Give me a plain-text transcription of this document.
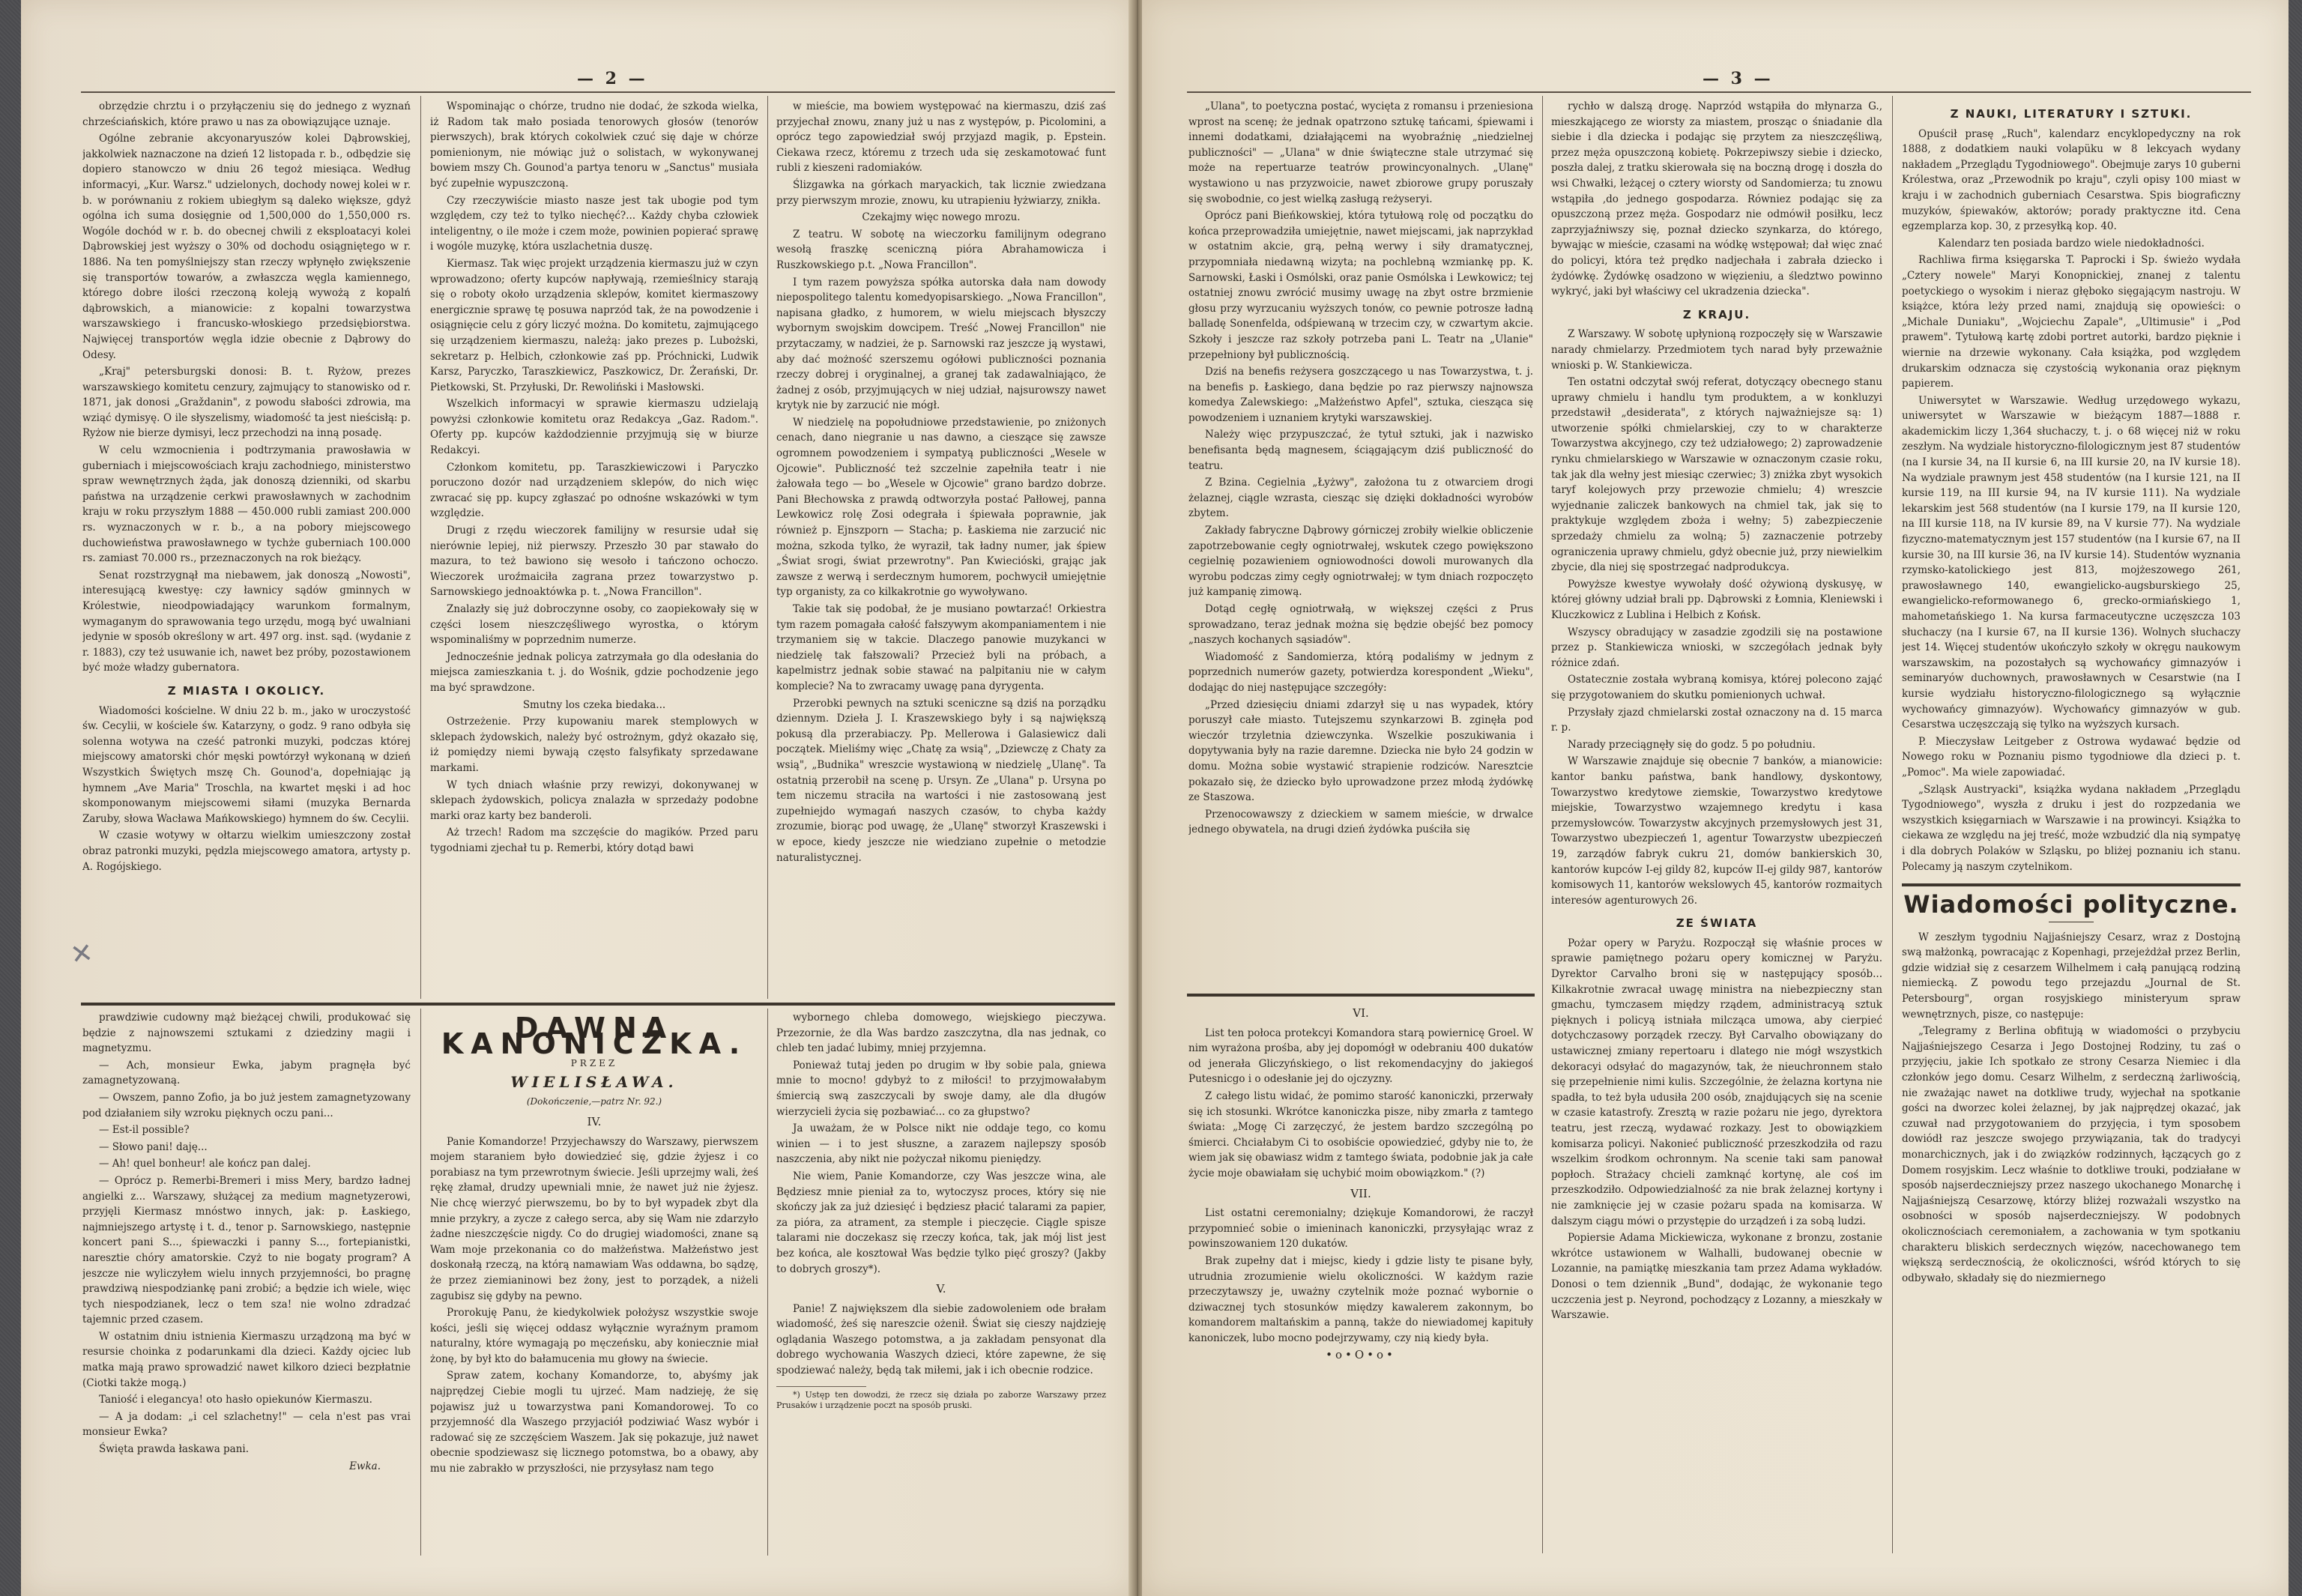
— 2 —

obrzędzie chrztu i o przyłączeniu się do jednego z wyznań chrześciańskich, które prawo u nas za obowiązujące uznaje.

Ogólne zebranie akcyonaryuszów kolei Dąbrowskiej, jakkolwiek naznaczone na dzień 12 listopada r. b., odbędzie się dopiero stanowczo w dniu 26 tegoż miesiąca. Według informacyi, „Kur. Warsz." udzielonych, dochody nowej kolei w r. b. w porównaniu z rokiem ubiegłym są daleko większe, gdyż ogólna ich suma dosięgnie od 1,500,000 do 1,550,000 rs. Wogóle dochód w r. b. do obecnej chwili z eksploatacyi kolei Dąbrowskiej jest wyższy o 30% od dochodu osiągniętego w r. 1886. Na ten pomyślniejszy stan rzeczy wpłynęło zwiększenie się transportów towarów, a zwłaszcza węgla kamiennego, którego dobre ilości rzeczoną koleją wywożą z kopalń dąbrowskich, a mianowicie: z kopalni towarzystwa warszawskiego i francusko-włoskiego przedsiębiorstwa. Najwięcej transportów węgla idzie obecnie z Dąbrowy do Odesy.

„Kraj" petersburgski donosi: B. t. Ryżow, prezes warszawskiego komitetu cenzury, zajmujący to stanowisko od r. 1871, jak donosi „Graždanin", z powodu słabości zdrowia, ma wziąć dymisyę. O ile słyszelismy, wiadomość ta jest nieścisłą: p. Ryżow nie bierze dymisyi, lecz przechodzi na inną posadę.

W celu wzmocnienia i podtrzymania prawosławia w guberniach i miejscowościach kraju zachodniego, ministerstwo spraw wewnętrznych żąda, jak donoszą dzienniki, od skarbu państwa na urządzenie cerkwi prawosławnych w zachodnim kraju w roku przyszłym 1888 — 450.000 rubli zamiast 200.000 rs. wyznaczonych w r. b., a na pobory miejscowego duchowieństwa prawosławnego w tychże guberniach 100.000 rs. zamiast 70.000 rs., przeznaczonych na rok bieżący.

Senat rozstrzygnął ma niebawem, jak donoszą „Nowosti", interesującą kwestyę: czy ławnicy sądów gminnych w Królestwie, nieodpowiadający warunkom formalnym, wymaganym do sprawowania tego urzędu, mogą być uwalniani jedynie w sposób określony w art. 497 org. inst. sąd. (wydanie z r. 1883), czy też usuwanie ich, nawet bez próby, pozostawionem być może władzy gubernatora.

Z MIASTA I OKOLICY.

Wiadomości kościelne. W dniu 22 b. m., jako w uroczystość św. Cecylii, w kościele św. Katarzyny, o godz. 9 rano odbyła się solenna wotywa na cześć patronki muzyki, podczas której miejscowy amatorski chór męski powtórzył wykonaną w dzień Wszystkich Świętych mszę Ch. Gounod'a, dopełniając ją hymnem „Ave Maria" Troschla, na kwartet męski i ad hoc skomponowanym miejscowemi siłami (muzyka Bernarda Zaruby, słowa Wacława Mańkowskiego) hymnem do św. Cecylii.

W czasie wotywy w ołtarzu wielkim umieszczony został obraz patronki muzyki, pędzla miejscowego amatora, artysty p. A. Rogójskiego.

Wspominając o chórze, trudno nie dodać, że szkoda wielka, iż Radom tak mało posiada tenorowych głosów (tenorów pierwszych), brak których cokolwiek czuć się daje w chórze pomienionym, nie mówiąc już o solistach, w wykonywanej bowiem mszy Ch. Gounod'a partya tenoru w „Sanctus" musiała być zupełnie wypuszczoną.

Czy rzeczywiście miasto nasze jest tak ubogie pod tym względem, czy też to tylko niechęć?... Każdy chyba człowiek inteligentny, o ile może i czem może, powinien popierać sprawę i wogóle muzykę, która uszlachetnia duszę.

Kiermasz. Tak więc projekt urządzenia kiermaszu już w czyn wprowadzono; oferty kupców napływają, rzemieślnicy starają się o roboty około urządzenia sklepów, komitet kiermaszowy energicznie sprawę tę posuwa naprzód tak, że na powodzenie i osiągnięcie celu z góry liczyć można. Do komitetu, zajmującego się urządzeniem kiermaszu, należą: jako prezes p. Lubożski, sekretarz p. Helbich, członkowie zaś pp. Próchnicki, Ludwik Karsz, Paryczko, Taraszkiewicz, Paszkowicz, Dr. Żerański, Dr. Pietkowski, St. Przyłuski, Dr. Rewoliński i Masłowski.

Wszelkich informacyi w sprawie kiermaszu udzielają powyżsi członkowie komitetu oraz Redakcya „Gaz. Radom.". Oferty pp. kupców każdodziennie przyjmują się w biurze Redakcyi.

Członkom komitetu, pp. Taraszkiewiczowi i Paryczko poruczono dozór nad urządzeniem sklepów, do nich więc zwracać się pp. kupcy zgłaszać po odnośne wskazówki w tym względzie.

Drugi z rzędu wieczorek familijny w resursie udał się nierównie lepiej, niż pierwszy. Przeszło 30 par stawało do mazura, to też bawiono się wesoło i tańczono ochoczo. Wieczorek uroźmaiciła zagrana przez towarzystwo p. Sarnowskiego jednoaktówka p. t. „Nowa Francillon".

Znalazły się już dobroczynne osoby, co zaopiekowały się w części losem nieszczęśliwego wyrostka, o którym wspominaliśmy w poprzednim numerze.

Jednocześnie jednak policya zatrzymała go dla odesłania do miejsca zamieszkania t. j. do Wośnik, gdzie pochodzenie jego ma być sprawdzone.

Smutny los czeka biedaka...

Ostrzeżenie. Przy kupowaniu marek stemplowych w sklepach żydowskich, należy być ostrożnym, gdyż okazało się, iż pomiędzy niemi bywają często falsyfikaty sprzedawane markami.

W tych dniach właśnie przy rewizyi, dokonywanej w sklepach żydowskich, policya znalazła w sprzedaży podobne marki oraz karty bez banderoli.

Aż trzech! Radom ma szczęście do magików. Przed paru tygodniami zjechał tu p. Remerbi, który dotąd bawi

w mieście, ma bowiem występować na kiermaszu, dziś zaś przyjechał znowu, znany już u nas z występów, p. Picolomini, a oprócz tego zapowiedział swój przyjazd magik, p. Epstein. Ciekawa rzecz, któremu z trzech uda się zeskamotować funt rubli z kieszeni radomiaków.

Ślizgawka na górkach maryackich, tak licznie zwiedzana przy pierwszym mrozie, znowu, ku utrapieniu łyżwiarzy, znikła.

Czekajmy więc nowego mrozu.

Z teatru. W sobotę na wieczorku familijnym odegrano wesołą fraszkę sceniczną pióra Abrahamowicza i Ruszkowskiego p.t. „Nowa Francillon".

I tym razem powyższa spółka autorska dała nam dowody niepospolitego talentu komedyopisarskiego. „Nowa Francillon", napisana gładko, z humorem, w wielu miejscach błyszczy wybornym swojskim dowcipem. Treść „Nowej Francillon" nie przytaczamy, w nadziei, że p. Sarnowski raz jeszcze ją wystawi, aby dać możność szerszemu ogółowi publiczności poznania rzeczy dobrej i oryginalnej, a granej tak zadawalniająco, że żadnej z osób, przyjmujących w niej udział, najsurowszy nawet krytyk nie by zarzucić nie mógł.

W niedzielę na popołudniowe przedstawienie, po zniżonych cenach, dano niegranie u nas dawno, a cieszące się zawsze ogromnem powodzeniem i sympatyą publiczności „Wesele w Ojcowie". Publiczność też szczelnie zapełniła teatr i nie żałowała tego — bo „Wesele w Ojcowie" grano bardzo dobrze. Pani Błechowska z prawdą odtworzyła postać Pałłowej, panna Lewkowicz rolę Zosi odegrała i śpiewała poprawnie, jak również p. Ejnszporn — Stacha; p. Łaskiema nie zarzucić nic można, szkoda tylko, że wyraził, tak ładny numer, jak śpiew „Świat srogi, świat przewrotny". Pan Kwiecióski, grając jak zawsze z werwą i serdecznym humorem, pochwycił umiejętnie typ organisty, za co kilkakrotnie go wywoływano.

Takie tak się podobał, że je musiano powtarzać! Orkiestra tym razem pomagała całość fałszywym akompaniamentem i nie trzymaniem się w takcie. Dlaczego panowie muzykanci w niedzielę tak fałszowali? Przecież byli na próbach, a kapelmistrz jednak sobie stawać na palpitaniu nie w całym komplecie? Na to zwracamy uwagę pana dyrygenta.

Przerobki pewnych na sztuki sceniczne są dziś na porządku dziennym. Dzieła J. I. Kraszewskiego były i są największą pokusą dla przerabiaczy. Pp. Mellerowa i Galasiewicz dali początek. Mieliśmy więc „Chatę za wsią", „Dziewczę z Chaty za wsią", „Budnika" wreszcie wystawioną w niedzielę „Ulanę". Ta ostatnią przerobił na scenę p. Ursyn. Ze „Ulana" p. Ursyna po tem niczemu straciła na wartości i nie zastosowaną jest zupełniejdo wymagań naszych czasów, to chyba każdy zrozumie, biorąc pod uwagę, że „Ulanę" stworzył Kraszewski i w epoce, kiedy jeszcze nie wiedziano zupełnie o metodzie naturalistycznej.

prawdziwie cudowny mąż bieżącej chwili, produkować się będzie z najnowszemi sztukami z dziedziny magii i magnetyzmu.

— Ach, monsieur Ewka, jabym pragnęła być zamagnetyzowaną.

— Owszem, panno Zofio, ja bo już jestem zamagnetyzowany pod działaniem siły wzroku pięknych oczu pani...

— Est-il possible?

— Słowo pani! daję...

— Ah! quel bonheur! ale kończ pan dalej.

— Oprócz p. Remerbi-Bremeri i miss Mery, bardzo ładnej angielki z... Warszawy, służącej za medium magnetyzerowi, przyjęli Kiermasz mnóstwo innych, jak: p. Łaskiego, najmniejszego artystę i t. d., tenor p. Sarnowskiego, następnie koncert pani S..., śpiewaczki i panny S..., fortepianistki, naresztie chóry amatorskie. Czyż to nie bogaty program? A jeszcze nie wyliczyłem wielu innych przyjemności, bo pragnę prawdziwą niespodziankę pani zrobić; a będzie ich wiele, więc tych niespodzianek, lecz o tem sza! nie wolno zdradzać tajemnic przed czasem.

W ostatnim dniu istnienia Kiermaszu urządzoną ma być w resursie choinka z podarunkami dla dzieci. Każdy ojciec lub matka mają prawo sprowadzić nawet kilkoro dzieci bezpłatnie (Ciotki także mogą.)

Taniość i elegancya! oto hasło opiekunów Kiermaszu.

— A ja dodam: „i cel szlachetny!" — cela n'est pas vrai monsieur Ewka?

Święta prawda łaskawa pani.

Ewka.
DAWNA KANONICZKA.
PRZEZ
WIELISŁAWA.
(Dokończenie,—patrz Nr. 92.)
IV.

Panie Komandorze! Przyjechawszy do Warszawy, pierwszem mojem staraniem było dowiedzieć się, gdzie żyjesz i co porabiasz na tym przewrotnym świecie. Jeśli uprzejmy wali, żeś rękę złamał, drudzy upewniali mnie, że nawet już nie żyjesz. Nie chcę wierzyć pierwszemu, bo by to był wypadek zbyt dla mnie przykry, a zycze z całego serca, aby się Wam nie zdarzyło żadne nieszczęście nigdy. Co do drugiej wiadomości, znane są Wam moje przekonania co do małżeństwa. Małżeństwo jest doskonałą rzeczą, na którą namawiam Was oddawna, bo sądzę, że przez ziemianinowi bez żony, jest to porządek, a niżeli zagubisz się gdyby na pewno.

Prorokuję Panu, że kiedykolwiek położysz wszystkie swoje kości, jeśli się więcej oddasz wyłącznie wyraźnym pramom naturalny, które wymagają po męczeńsku, aby koniecznie miał żonę, by był kto do bałamucenia mu głowy na świecie.

Spraw zatem, kochany Komandorze, to, abyśmy jak najprędzej Ciebie mogli tu ujrzeć. Mam nadzieję, że się pojawisz już u towarzystwa pani Komandorowej. To co przyjemność dla Waszego przyjaciół podziwiać Wasz wybór i radować się ze szczęściem Waszem. Jak się pokazuje, już nawet obecnie spodziewasz się licznego potomstwa, bo a obawy, aby mu nie zabrakło w przyszłości, nie przysyłasz nam tego

wybornego chleba domowego, wiejskiego pieczywa. Przezornie, że dla Was bardzo zaszczytna, dla nas jednak, co chleb ten jadać lubimy, mniej przyjemna.

Ponieważ tutaj jeden po drugim w łby sobie pala, gniewa mnie to mocno! gdybyż to z miłości! to przyjmowałabym śmiercią swą zaszczycali by swoje damy, ale dla długów wierzycieli życia się pozbawiać... co za głupstwo?

Ja uważam, że w Polsce nikt nie oddaje tego, co komu winien — i to jest słuszne, a zarazem najlepszy sposób naszczenia, aby nikt nie pożyczał nikomu pieniędzy.

Nie wiem, Panie Komandorze, czy Was jeszcze wina, ale Będziesz mnie pieniał za to, wytoczysz proces, który się nie skończy jak za już dziesięć i będziesz płacić talarami za papier, za pióra, za atrament, za stemple i pieczęcie. Ciągle spisze talarami nie doczekasz się rzeczy końca, tak, jak mój list jest bez końca, ale kosztował Was będzie tylko pięć groszy? (Jakby to dobrych groszy*).

V.

Panie! Z największem dla siebie zadowoleniem ode brałam wiadomość, żeś się nareszcie ożenił. Świat się cieszy najdzieję oglądania Waszego potomstwa, a ja zakładam pensyonat dla dobrego wychowania Waszych dzieci, które zapewne, że się spodziewać należy, będą tak miłemi, jak i ich obecnie rodzice.

*) Ustęp ten dowodzi, że rzecz się działa po zaborze Warszawy przez Prusaków i urządzenie poczt na sposób pruski.

✕
— 3 —

„Ulana", to poetyczna postać, wycięta z romansu i przeniesiona wprost na scenę; że jednak opatrzono sztukę tańcami, śpiewami i innemi dodatkami, działającemi na wyobraźnię „niedzielnej publiczności" — „Ulana" w dnie świąteczne stale utrzymać się może na repertuarze teatrów prowincyonalnych. „Ulanę" wystawiono u nas przyzwoicie, nawet zbiorowe grupy poruszały się swobodnie, co jest wielką zasługą reżyseryi.

Oprócz pani Bieńkowskiej, która tytułową rolę od początku do końca przeprowadziła umiejętnie, nawet miejscami, jak naprzykład w ostatnim akcie, grą, pełną werwy i siły dramatycznej, przypomniała niedawną wizyta; na pochlebną wzmiankę pp. K. Sarnowski, Łaski i Osmólski, oraz panie Osmólska i Lewkowicz; tej ostatniej znowu zwrócić musimy uwagę na zbyt ostre brzmienie głosu przy wyrzucaniu wyższych tonów, co pewnie potrosze ładną balladę Sonenfelda, odśpiewaną w trzecim czy, w czwartym akcie. Szkoły i jeszcze raz szkoły potrzeba pani L. Teatr na „Ulanie" przepełniony był publicznością.

Dziś na benefis reżysera goszczącego u nas Towarzystwa, t. j. na benefis p. Łaskiego, dana będzie po raz pierwszy najnowsza komedya Zalewskiego: „Małżeństwo Apfel", sztuka, ciesząca się powodzeniem i uznaniem krytyki warszawskiej.

Należy więc przypuszczać, że tytuł sztuki, jak i nazwisko benefisanta będą magnesem, ściągającym dziś publiczność do teatru.

Z Bzina. Cegielnia „Łyżwy", założona tu z otwarciem drogi żelaznej, ciągle wzrasta, ciesząc się dzięki dokładności wyrobów zbytem.

Zakłady fabryczne Dąbrowy górniczej zrobiły wielkie obliczenie zapotrzebowanie cegły ogniotrwałej, wskutek czego powiększono cegielnię pozawieniem ogniowodności dowoli murowanych dla wyrobu podczas zimy cegły ogniotrwałej; w tym dniach rozpoczęto już kampanię zimową.

Dotąd cegłę ogniotrwałą, w większej części z Prus sprowadzano, teraz jednak można się będzie obejść bez pomocy „naszych kochanych sąsiadów".

Wiadomość z Sandomierza, którą podaliśmy w jednym z poprzednich numerów gazety, potwierdza korespondent „Wieku", dodając do niej następujące szczegóły:

„Przed dziesięciu dniami zdarzył się u nas wypadek, który poruszył całe miasto. Tutejszemu szynkarzowi B. zginęła pod wieczór trzyletnia dziewczynka. Wszelkie poszukiwania i dopytywania były na razie daremne. Dziecka nie było 24 godzin w domu. Można sobie wystawić strapienie rodziców. Naresztcie pokazało się, że dziecko było uprowadzone przez młodą żydówkę ze Staszowa.

Przenocowawszy z dzieckiem w samem mieście, w drwalce jednego obywatela, na drugi dzień żydówka puściła się

VI.

List ten połoca protekcyi Komandora starą powiernicę Groel. W nim wyrażona prośba, aby jej dopomógł w odebraniu 400 dukatów od jenerała Gliczyńskiego, o list rekomendacyjny do jakiegoś Putesnicgo i o odesłanie jej do ojczyzny.

Z całego listu widać, że pomimo starość kanoniczki, przerwały się ich stosunki. Wkrótce kanoniczka pisze, niby zmarła z tamtego świata: „Mogę Ci zarzęczyć, że jestem bardzo szczególną po śmierci. Chciałabym Ci to osobiście opowiedzieć, gdyby nie to, że wiem jak się obawiasz widm z tamtego świata, podobnie jak ja całe życie moje obawiałam się uchybić moim obowiązkom." (?)

VII.

List ostatni ceremonialny; dziękuje Komandorowi, że raczył przypomnieć sobie o imieninach kanoniczki, przysyłając wraz z powinszowaniem 120 dukatów.

Brak zupełny dat i miejsc, kiedy i gdzie listy te pisane były, utrudnia zrozumienie wielu okoliczności. W każdym razie przeczytawszy je, uważny czytelnik może poznać wybornie o dziwacznej tych stosunków między kawalerem zakonnym, bo komandorem maltańskim a panną, także do niewiadomej kapituły kanoniczek, lubo mocno podejrzywamy, czy nią kiedy była.

•o•O•o•

rychło w dalszą drogę. Naprzód wstąpiła do młynarza G., mieszkającego ze wiorsty za miastem, prosząc o śniadanie dla siebie i dla dziecka i podając się przytem za nieszczęśliwą, przez męża opuszczoną kobietę. Pokrzepiwszy siebie i dziecko, poszła dalej, z tratku skierowała się na boczną drogę i doszła do wsi Chwałki, leżącej o cztery wiorsty od Sandomierza; tu znowu wstąpiła ,do jednego gospodarza. Równiez podając się za opuszczoną przez męża. Gospodarz nie odmówił posiłku, lecz zaprzyjaźniwszy się, poznał dziecko szynkarza, do którego, bywając w mieście, czasami na wódkę wstępował; dał więc znać do policyi, która też prędko nadjechała i zabrała dziecko i żydówkę. Żydówkę osadzono w więzieniu, a śledztwo powinno wykryć, jaki był właściwy cel ukradzenia dziecka".

Z KRAJU.

Z Warszawy. W sobotę upłynioną rozpoczęły się w Warszawie narady chmielarzy. Przedmiotem tych narad były przeważnie wnioski p. W. Stankiewicza.

Ten ostatni odczytał swój referat, dotyczący obecnego stanu uprawy chmielu i handlu tym produktem, a w konkluzyi przedstawił „desiderata", z których najważniejsze są: 1) utworzenie spółki chmielarskiej, czy to w charakterze Towarzystwa akcyjnego, czy też udziałowego; 2) zaprowadzenie rynku chmielarskiego w Warszawie w oznaczonym czasie roku, tak jak dla wełny jest miesiąc czerwiec; 3) zniżka zbyt wysokich taryf kolejowych przy przewozie chmielu; 4) wreszcie wyjednanie zaliczek bankowych na chmiel tak, jak się to praktykuje względem zboża i wełny; 5) zabezpieczenie sprzedaży chmielu za wolną; 5) zaznaczenie potrzeby ograniczenia uprawy chmielu, gdyż obecnie już, przy niewielkim zbycie, dla niej się spostrzegać nadprodukcya.

Powyższe kwestye wywołały dość ożywioną dyskusyę, w której główny udział brali pp. Dąbrowski z Łomnia, Kleniewski i Kluczkowicz z Lublina i Helbich z Końsk.

Wszyscy obradujący w zasadzie zgodzili się na postawione przez p. Stankiewicza wnioski, w szczegółach jednak były różnice zdań.

Ostatecznie została wybraną komisya, której polecono zająć się przygotowaniem do skutku pomienionych uchwał.

Przysłały zjazd chmielarski został oznaczony na d. 15 marca r. p.

Narady przeciągnęły się do godz. 5 po południu.

W Warszawie znajduje się obecnie 7 banków, a mianowicie: kantor banku państwa, bank handlowy, dyskontowy, Towarzystwo kredytowe ziemskie, Towarzystwo kredytowe miejskie, Towarzystwo wzajemnego kredytu i kasa przemysłowców. Towarzystw akcyjnych przemysłowych jest 31, Towarzystwo ubezpieczeń 1, agentur Towarzystw ubezpieczeń 19, zarządów fabryk cukru 21, domów bankierskich 30, kantorów kupców I-ej gildy 82, kupców II-ej gildy 987, kantorów komisowych 11, kantorów wekslowych 45, kantorów rozmaitych interesów agenturowych 26.

ZE ŚWIATA

Pożar opery w Paryżu. Rozpoczął się właśnie proces w sprawie pamiętnego pożaru opery komicznej w Paryżu. Dyrektor Carvalho broni się w następujący sposób... Kilkakrotnie zwracał uwagę ministra na niebezpieczny stan gmachu, tymczasem między rządem, administracyą sztuk pięknych i policyą istniała milcząca umowa, aby cierpieć dotychczasowy porządek rzeczy. Był Carvalho obowiązany do ustawicznej zmiany repertoaru i dlatego nie mógł wszystkich dekoracyi odsyłać do magazynów, tak, że nieuchronnem stało się przepełnienie nimi kulis. Szczególnie, że żelazna kortyna nie spadła, to też była udusiła 200 osób, znajdujących się na scenie w czasie katastrofy. Zresztą w razie pożaru nie jego, dyrektora teatru, jest rzeczą, wydawać rozkazy. Jest to obowiązkiem komisarza policyi. Nakonieć publiczność przeszkodziła od razu wszelkim środkom ochronnym. Na scenie taki sam panował popłoch. Strażacy chcieli zamknąć kortynę, ale coś im przeszkodziło. Odpowiedzialność za nie brak żelaznej kortyny i nie zamknięcie jej w czasie pożaru spada na komisarza. W dalszym ciągu mówi o przystępie do urządzeń i za sobą ludzi.

Popiersie Adama Mickiewicza, wykonane z bronzu, zostanie wkrótce ustawionem w Walhalli, budowanej obecnie w Lozannie, na pamiątkę mieszkania tam przez Adama wykładów. Donosi o tem dziennik „Bund", dodając, że wykonanie tego uczczenia jest p. Neyrond, pochodzący z Lozanny, a mieszkały w Warszawie.

Z NAUKI, LITERATURY I SZTUKI.

Opuścił prasę „Ruch", kalendarz encyklopedyczny na rok 1888, z dodatkiem nauki volapüku w 8 lekcyach wydany nakładem „Przeglądu Tygodniowego". Obejmuje zarys 10 guberni Królestwa, oraz „Przewodnik po kraju", czyli opisy 100 miast w kraju i w zachodnich guberniach Cesarstwa. Spis biograficzny muzyków, śpiewaków, aktorów; porady praktyczne itd. Cena egzemplarza kop. 30, z przesyłką kop. 40.

Kalendarz ten posiada bardzo wiele niedokładności.

Rachliwa firma księgarska T. Paprocki i Sp. świeżo wydała „Cztery nowele" Maryi Konopnickiej, znanej z talentu poetyckiego o wysokim i nieraz głęboko sięgającym nastroju. W książce, która leży przed nami, znajdują się opowieści: o „Michale Duniaku", „Wojciechu Zapale", „Ultimusie" i „Pod prawem". Tytułową kartę zdobi portret autorki, bardzo pięknie i wiernie na drzewie wykonany. Cała książka, pod względem drukarskim odznacza się czystością wykonania oraz pięknym papierem.

Uniwersytet w Warszawie. Według urzędowego wykazu, uniwersytet w Warszawie w bieżącym 1887—1888 r. akademickim liczy 1,364 słuchaczy, t. j. o 68 więcej niż w roku zeszłym. Na wydziale historyczno-filologicznym jest 87 studentów (na I kursie 34, na II kursie 6, na III kursie 20, na IV kursie 18). Na wydziale prawnym jest 458 studentów (na I kursie 121, na II kursie 119, na III kursie 94, na IV kursie 111). Na wydziale lekarskim jest 568 studentów (na I kursie 179, na II kursie 120, na III kursie 118, na IV kursie 89, na V kursie 77). Na wydziale fizyczno-matematycznym jest 157 studentów (na I kursie 67, na II kursie 30, na III kursie 36, na IV kursie 14). Studentów wyznania rzymsko-katolickiego jest 813, mojżeszowego 261, prawosławnego 140, ewangielicko-augsburskiego 25, ewangielicko-reformowanego 6, grecko-ormiańskiego 1, mahometańskiego 1. Na kursa farmaceutyczne uczęszcza 103 słuchaczy (na I kursie 67, na II kursie 136). Wolnych słuchaczy jest 14. Więcej studentów ukończyło szkoły w okręgu naukowym warszawskim, na pozostałych są wychowańcy gimnazyów i seminaryów duchownych, prawosławnych w Cesarstwie (na I kursie wydziału historyczno-filologicznego są wyłącznie wychowańcy gimnazyów). Wychowańcy gimnazyów w gub. Cesarstwa uczęszczają się tylko na wyższych kursach.

P. Mieczysław Leitgeber z Ostrowa wydawać będzie od Nowego roku w Poznaniu pismo tygodniowe dla dzieci p. t. „Pomoc". Ma wiele zapowiadać.

„Szląsk Austryacki", książka wydana nakładem „Przeglądu Tygodniowego", wyszła z druku i jest do rozpzedania we wszystkich księgarniach w Warszawie i na prowincyi. Książka to ciekawa ze względu na jej treść, może wzbudzić dla nią sympatyę i dla dobrych Polaków w Szląsku, po bliżej poznaniu ich stanu. Polecamy ją naszym czytelnikom.

Wiadomości polityczne.

W zeszłym tygodniu Najjaśniejszy Cesarz, wraz z Dostojną swą małżonką, powracając z Kopenhagi, przejeżdżał przez Berlin, gdzie widział się z cesarzem Wilhelmem i całą panującą rodziną niemiecką. Z powodu tego przejazdu „Journal de St. Petersbourg", organ rosyjskiego ministeryum spraw wewnętrznych, pisze, co następuje:

„Telegramy z Berlina obfitują w wiadomości o przybyciu Najjaśniejszego Cesarza i Jego Dostojnej Rodziny, tu zaś o przyjęciu, jakie Ich spotkało ze strony Cesarza Niemiec i dla członków jego domu. Cesarz Wilhelm, z serdeczną żarliwością, nie zważając nawet na dotkliwe trudy, wyjechał na spotkanie gości na dworzec kolei żelaznej, by jak najprędzej okazać, jak czuwał nad przygotowaniem do przyjęcia, i tym sposobem dowiódł raz jeszcze swojego przywiązania, tak do tradycyi monarchicznych, jak i do związków rodzinnych, łączących go z Domem rosyjskim. Lecz właśnie to dotkliwe trouki, podziałane w sposób najserdeczniejszy przez naszego ukochanego Monarchę i Najjaśniejszą Cesarzowę, którzy bliżej rozważali wszystko na osobności w sposób najserdeczniejszy. W podobnych okolicznościach ceremoniałem, a zachowania w tym spotkaniu charakteru bliskich serdecznych więzów, nacechowanego tem większą serdecznością, że okoliczności, wśród których to się odbywało, składały się do niezmiernego
